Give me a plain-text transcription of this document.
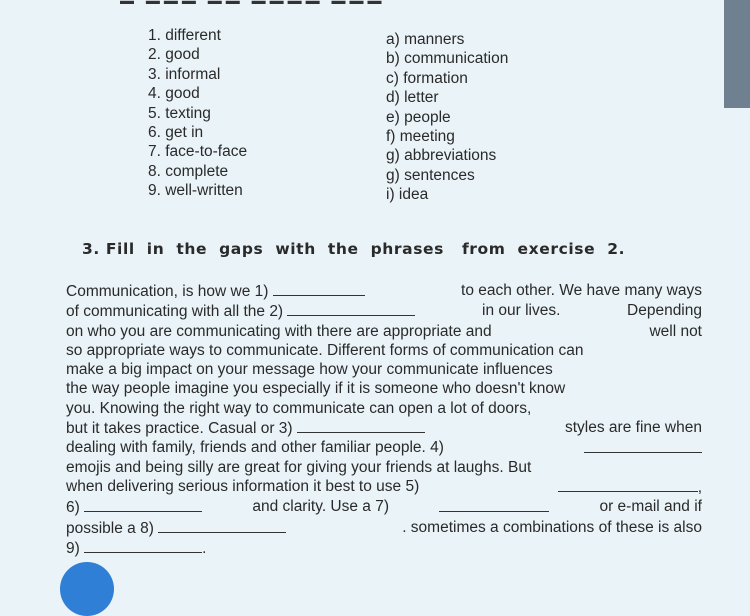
1. different
2. good
3. informal
4. good
5. texting
6. get in
7. face-to-face
8. complete
9. well-written
a) manners
b) communication
c) formation
d) letter
e) people
f) meeting
g) abbreviations
g) sentences
i) idea
3. Fill  in  the  gaps  with  the  phrases   from  exercise  2.
Communication, is how we 1)	to each other. We have many ways
of communicating with all the 2)	in our lives.	Depending
on who you are communicating with there are appropriate and	well not
so appropriate ways to communicate. Different forms of communication can
make a big impact on your message how your communicate influences
the way people imagine you especially if it is someone who doesn't know
you. Knowing the right way to communicate can open a lot of doors,
but it takes practice. Casual or 3)	styles are fine when
dealing with family, friends and other familiar people. 4)
emojis and being silly are great for giving your friends at laughs. But
when delivering serious information it best to use 5)	,
6)	and clarity. Use a 7)	or e-mail and if
possible a 8)	. sometimes a combinations of these is also
9)	.
